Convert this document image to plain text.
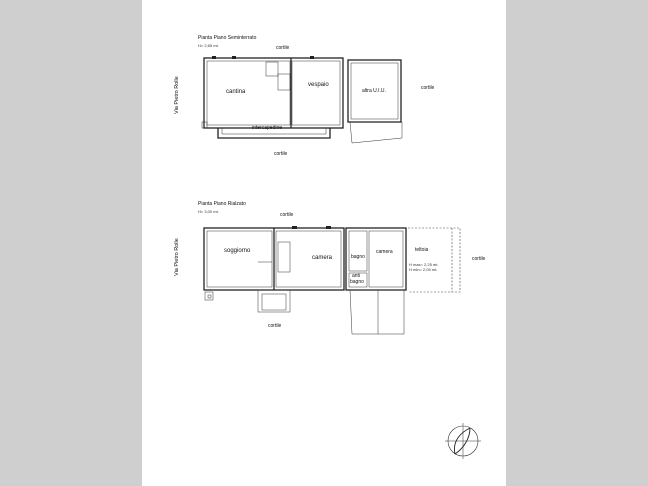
Pianta Piano Seminterrato
H= 2,65 mt.	cortile
cantina
vespaio
altra U.I.U.	cortile
intercapedine
cortile
Via Pietro Rolle
Pianta Piano Rialzato
H= 3,00 mt.
cortile
soggiorno
camera	bagno
camera	teltoia
H max= 2,25 mt.
H min= 2,05 mt.
cortile
anti
bagno
cortile
Via Pietro Rolle
